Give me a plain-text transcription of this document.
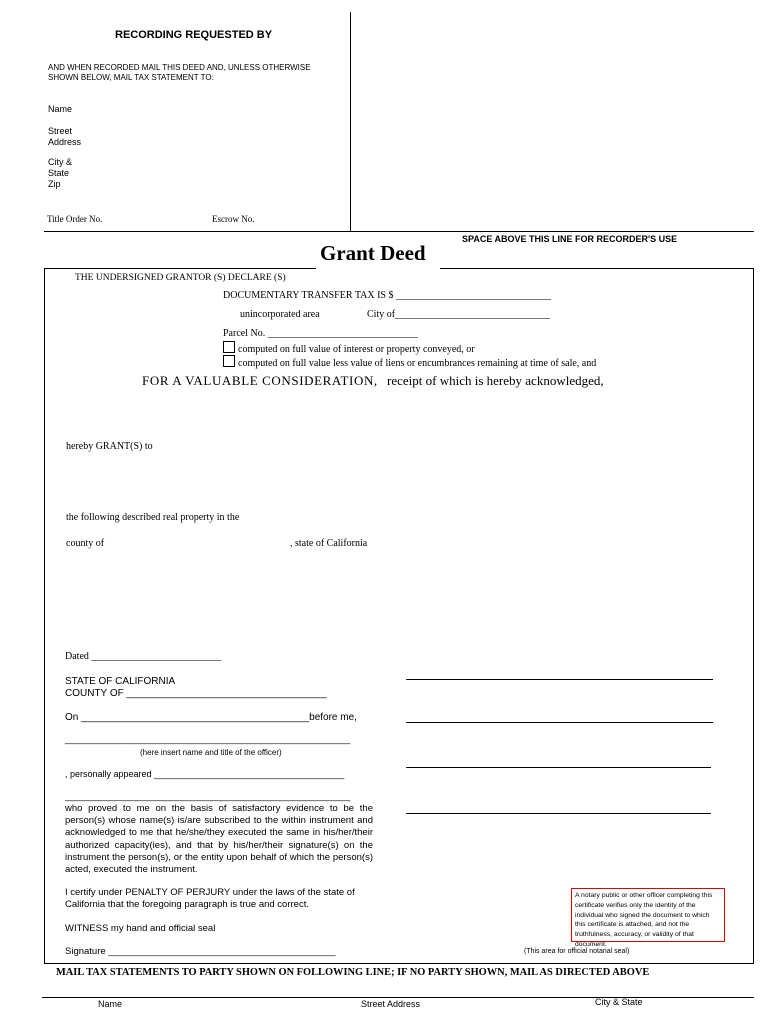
RECORDING REQUESTED BY
AND WHEN RECORDED MAIL THIS DEED AND, UNLESS OTHERWISE
SHOWN BELOW, MAIL TAX STATEMENT TO:
Name
Street
Address
City &
State
Zip
Title Order No.	Escrow No.
SPACE ABOVE THIS LINE FOR RECORDER'S USE
Grant Deed
THE UNDERSIGNED GRANTOR (S) DECLARE (S)
DOCUMENTARY TRANSFER TAX IS $ _______________________________
unincorporated area	City of_______________________________
Parcel No. ______________________________
computed on full value of interest or property conveyed, or
computed on full value less value of liens or encumbrances remaining at time of sale, and
FOR A VALUABLE CONSIDERATION, receipt of which is hereby acknowledged,
hereby GRANT(S) to
the following described real property in the
county of	, state of California
Dated __________________________
STATE OF CALIFORNIA
COUNTY OF ____________________________________
On _________________________________________before me,
_________________________________________________________
(here insert name and title of the officer)
, personally appeared ______________________________________
_________________________________________________________
who proved to me on the basis of satisfactory evidence to be the person(s) whose name(s) is/are subscribed to the within instrument and acknowledged to me that he/she/they executed the same in his/her/their authorized capacity(ies), and that by his/her/their signature(s) on the instrument the person(s), or the entity upon behalf of which the person(s) acted, executed the instrument.
I certify under PENALTY OF PERJURY under the laws of the state of California that the foregoing paragraph is true and correct.
WITNESS my hand and official seal
Signature ___________________________________________
A notary public or other officer completing this certificate verifies only the identity of the individual who signed the document to which this certificate is attached, and not the truthfulness, accuracy, or validity of that document.
(This area for official notarial seal)
MAIL TAX STATEMENTS TO PARTY SHOWN ON FOLLOWING LINE; IF NO PARTY SHOWN, MAIL AS DIRECTED ABOVE
Name	Street Address	City & State
